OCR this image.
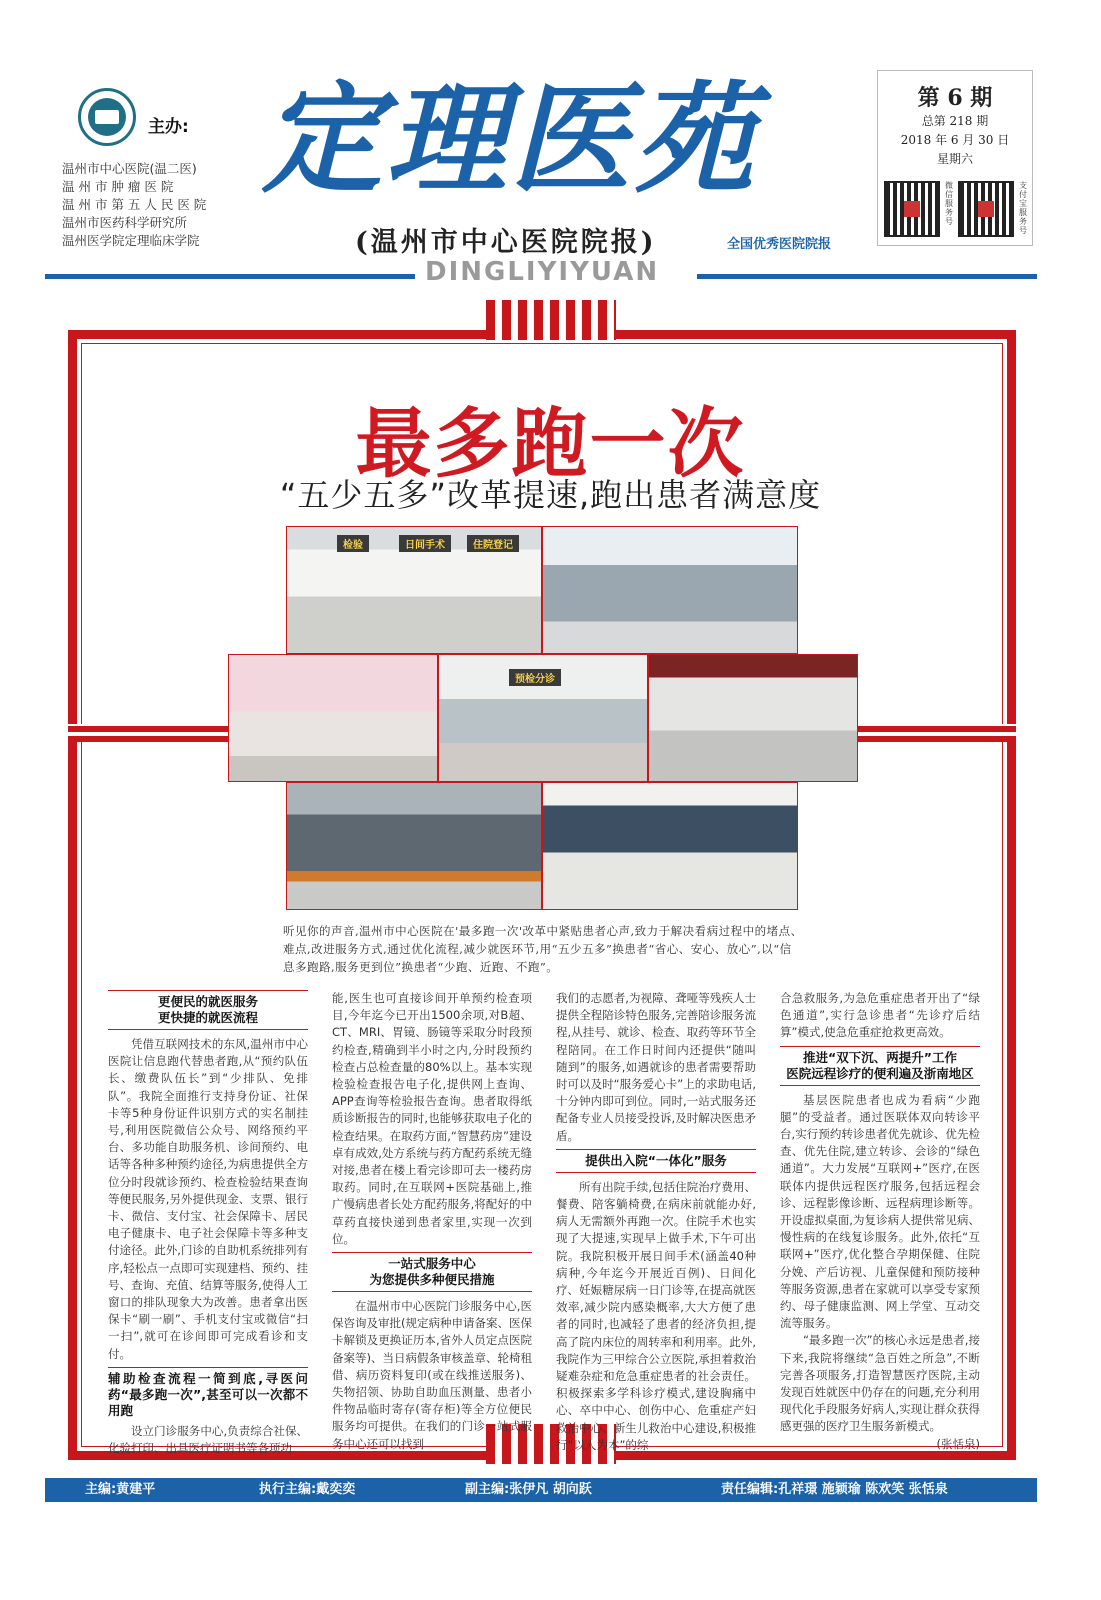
主办:
温州市中心医院(温二医)
温 州 市 肿 瘤 医 院
温 州 市 第 五 人 民 医 院
温州市医药科学研究所
温州医学院定理临床学院
定理医苑
(温州市中心医院院报)	全国优秀医院院报
DINGLIYIYUAN
第 6 期
总第 218 期
2018 年 6 月 30 日
星期六
微信服务号
支付宝服务号
最多跑一次
“五少五多”改革提速,跑出患者满意度
检验	日间手术	住院登记
预检分诊
听见你的声音,温州市中心医院在'最多跑一次'改革中紧贴患者心声,致力于解决看病过程中的堵点、难点,改进服务方式,通过优化流程,减少就医环节,用“五少五多”换患者“省心、安心、放心”,以“信息多跑路,服务更到位”换患者“少跑、近跑、不跑”。
更便民的就医服务
更快捷的就医流程

凭借互联网技术的东风,温州市中心医院让信息跑代替患者跑,从“预约队伍长、缴费队伍长”到“少排队、免排队”。我院全面推行支持身份证、社保卡等5种身份证件识别方式的实名制挂号,利用医院微信公众号、网络预约平台、多功能自助服务机、诊间预约、电话等各种多种预约途径,为病患提供全方位分时段就诊预约、检查检验结果查询等便民服务,另外提供现金、支票、银行卡、微信、支付宝、社会保障卡、居民电子健康卡、电子社会保障卡等多种支付途径。此外,门诊的自助机系统排列有序,轻松点一点即可实现建档、预约、挂号、查询、充值、结算等服务,使得人工窗口的排队现象大为改善。患者拿出医保卡“刷一刷”、手机支付宝或微信“扫一扫”,就可在诊间即可完成看诊和支付。

辅助检查流程一简到底,寻医问药“最多跑一次”,甚至可以一次都不用跑

设立门诊服务中心,负责综合社保、化验打印、出具医疗证明书等各项功

能,医生也可直接诊间开单预约检查项目,今年迄今已开出1500余项,对B超、CT、MRI、胃镜、肠镜等采取分时段预约检查,精确到半小时之内,分时段预约检查占总检查量的80%以上。基本实现检验检查报告电子化,提供网上查询、APP查询等检验报告查询。患者取得纸质诊断报告的同时,也能够获取电子化的检查结果。在取药方面,“智慧药房”建设卓有成效,处方系统与药方配药系统无缝对接,患者在楼上看完诊即可去一楼药房取药。同时,在互联网+医院基础上,推广慢病患者长处方配药服务,将配好的中草药直接快递到患者家里,实现一次到位。

一站式服务中心
为您提供多种便民措施

在温州市中心医院门诊服务中心,医保咨询及审批(规定病种申请备案、医保卡解锁及更换证历本,省外人员定点医院备案等)、当日病假条审核盖章、轮椅租借、病历资料复印(或在线推送服务)、失物招领、协助自助血压测量、患者小件物品临时寄存(寄存柜)等全方位便民服务均可提供。在我们的门诊一站式服务中心还可以找到

我们的志愿者,为视障、聋哑等残疾人士提供全程陪诊特色服务,完善陪诊服务流程,从挂号、就诊、检查、取药等环节全程陪同。在工作日时间内还提供“随叫随到”的服务,如遇就诊的患者需要帮助时可以及时“服务爱心卡”上的求助电话,十分钟内即可到位。同时,一站式服务还配备专业人员接受投诉,及时解决医患矛盾。

提供出入院“一体化”服务

所有出院手续,包括住院治疗费用、餐费、陪客躺椅费,在病床前就能办好,病人无需额外再跑一次。住院手术也实现了大提速,实现早上做手术,下午可出院。我院积极开展日间手术(涵盖40种病种,今年迄今开展近百例)、日间化疗、妊娠糖尿病一日门诊等,在提高就医效率,减少院内感染概率,大大方便了患者的同时,也减轻了患者的经济负担,提高了院内床位的周转率和利用率。此外,我院作为三甲综合公立医院,承担着救治疑难杂症和危急重症患者的社会责任。积极探索多学科诊疗模式,建设胸痛中心、卒中中心、创伤中心、危重症产妇救治中心、新生儿救治中心建设,积极推行“以人为本”的综

合急救服务,为急危重症患者开出了“绿色通道”,实行急诊患者“先诊疗后结算”模式,使急危重症抢救更高效。

推进“双下沉、两提升”工作
医院远程诊疗的便利遍及浙南地区

基层医院患者也成为看病“少跑腿”的受益者。通过医联体双向转诊平台,实行预约转诊患者优先就诊、优先检查、优先住院,建立转诊、会诊的“绿色通道”。大力发展“互联网+”医疗,在医联体内提供远程医疗服务,包括远程会诊、远程影像诊断、远程病理诊断等。开设虚拟桌面,为复诊病人提供常见病、慢性病的在线复诊服务。此外,依托“互联网+”医疗,优化整合孕期保健、住院分娩、产后访视、儿童保健和预防接种等服务资源,患者在家就可以享受专家预约、母子健康监测、网上学堂、互动交流等服务。

“最多跑一次”的核心永远是患者,接下来,我院将继续“急百姓之所急”,不断完善各项服务,打造智慧医疗医院,主动发现百姓就医中仍存在的问题,充分利用现代化手段服务好病人,实现让群众获得感更强的医疗卫生服务新模式。

(张恬泉)
主编:黄建平	执行主编:戴奕奕	副主编:张伊凡 胡向跃	责任编辑:孔祥璟 施颖瑜 陈欢笑 张恬泉
